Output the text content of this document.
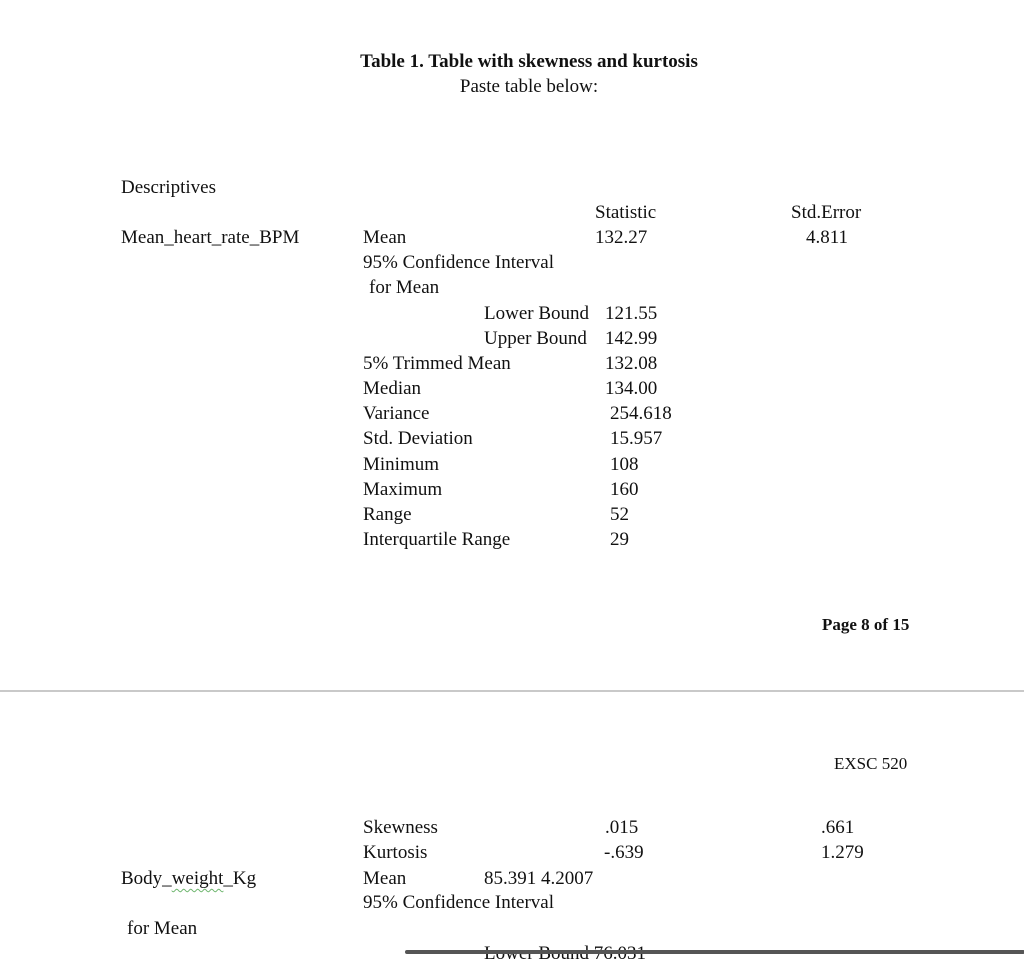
Table 1. Table with skewness and kurtosis
Paste table below:
Descriptives
Statistic	Std.Error
Mean_heart_rate_BPM	Mean	132.27	4.811
95% Confidence Interval
for Mean
Lower Bound 121.55
Upper Bound 142.99
5% Trimmed Mean	132.08
Median	134.00
Variance	254.618
Std. Deviation	15.957
Minimum	108
Maximum	160
Range	52
Interquartile Range	29
Page 8 of 15
EXSC 520
Skewness	.015	.661
Kurtosis	-.639	1.279
Body_weight_Kg	Mean	85.391 4.2007
95% Confidence Interval
for Mean
